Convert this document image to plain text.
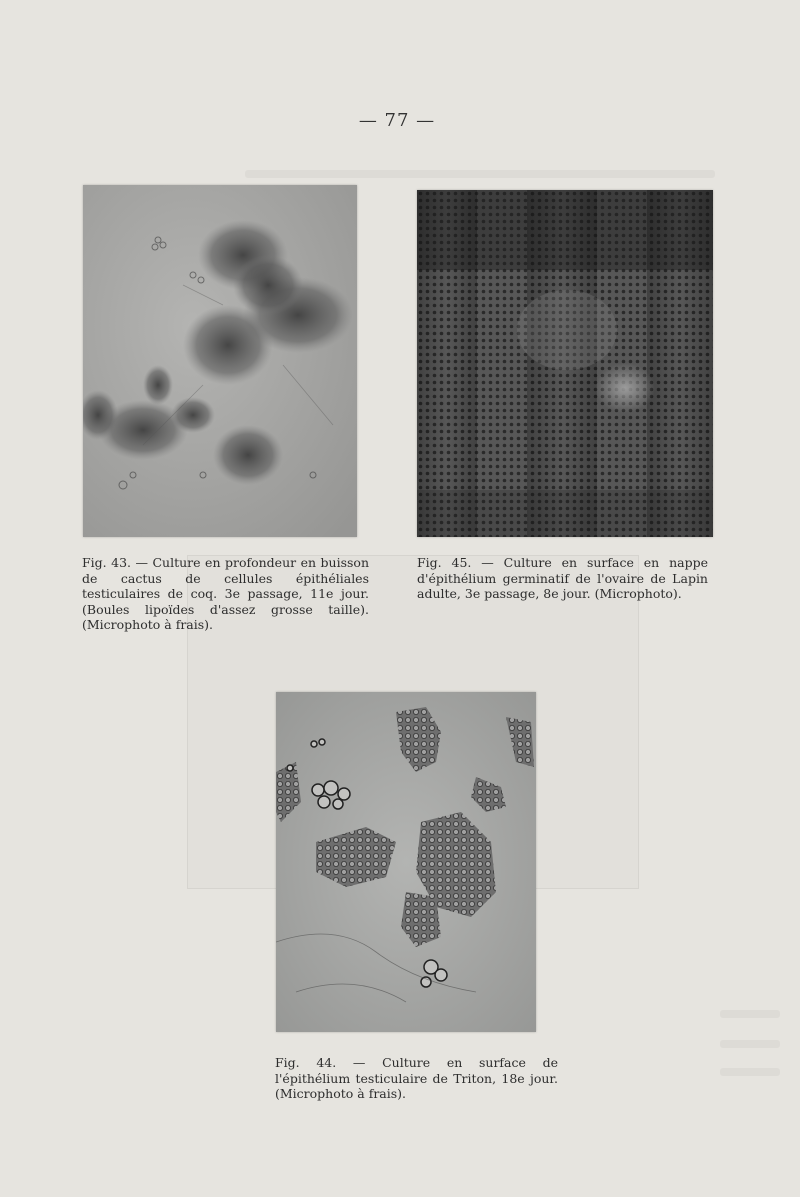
— 77 —

Fig. 43. — Culture en profondeur en buisson de cactus de cellules épithéliales testiculaires de coq. 3e passage, 11e jour. (Boules lipoïdes d'assez grosse taille). (Microphoto à frais).

Fig. 45. — Culture en surface en nappe d'épithélium germinatif de l'ovaire de Lapin adulte, 3e passage, 8e jour. (Microphoto).

Fig. 44. — Culture en surface de l'épithélium testiculaire de Triton, 18e jour. (Microphoto à frais).
